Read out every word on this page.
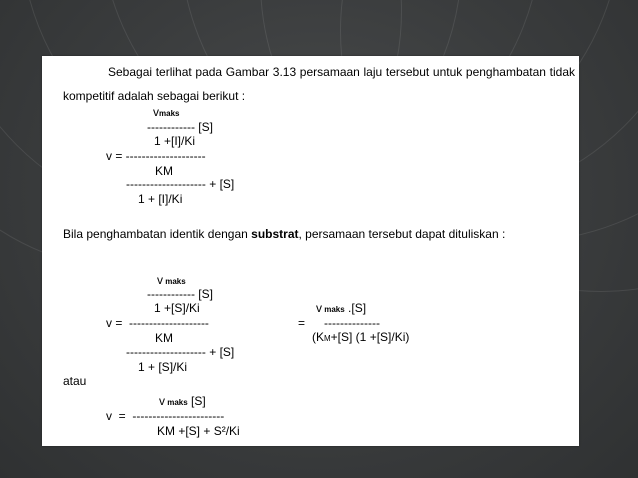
Sebagai terlihat pada Gambar 3.13 persamaan laju tersebut untuk penghambatan tidak kompetitif adalah sebagai berikut :
vmaks
------------ [S]
1 +[I]/Ki
v = --------------------
KM
-------------------- + [S]
1 + [I]/Ki
Bila penghambatan identik dengan substrat, persamaan tersebut dapat dituliskan :
v maks
------------ [S]
1 +[S]/Ki
v =  --------------------
KM
-------------------- + [S]
1 + [S]/Ki
=
v maks .[S]
--------------
(KM+[S] (1 +[S]/Ki)
atau
v maks [S]
v  =  -----------------------
KM +[S] + S²/Ki
